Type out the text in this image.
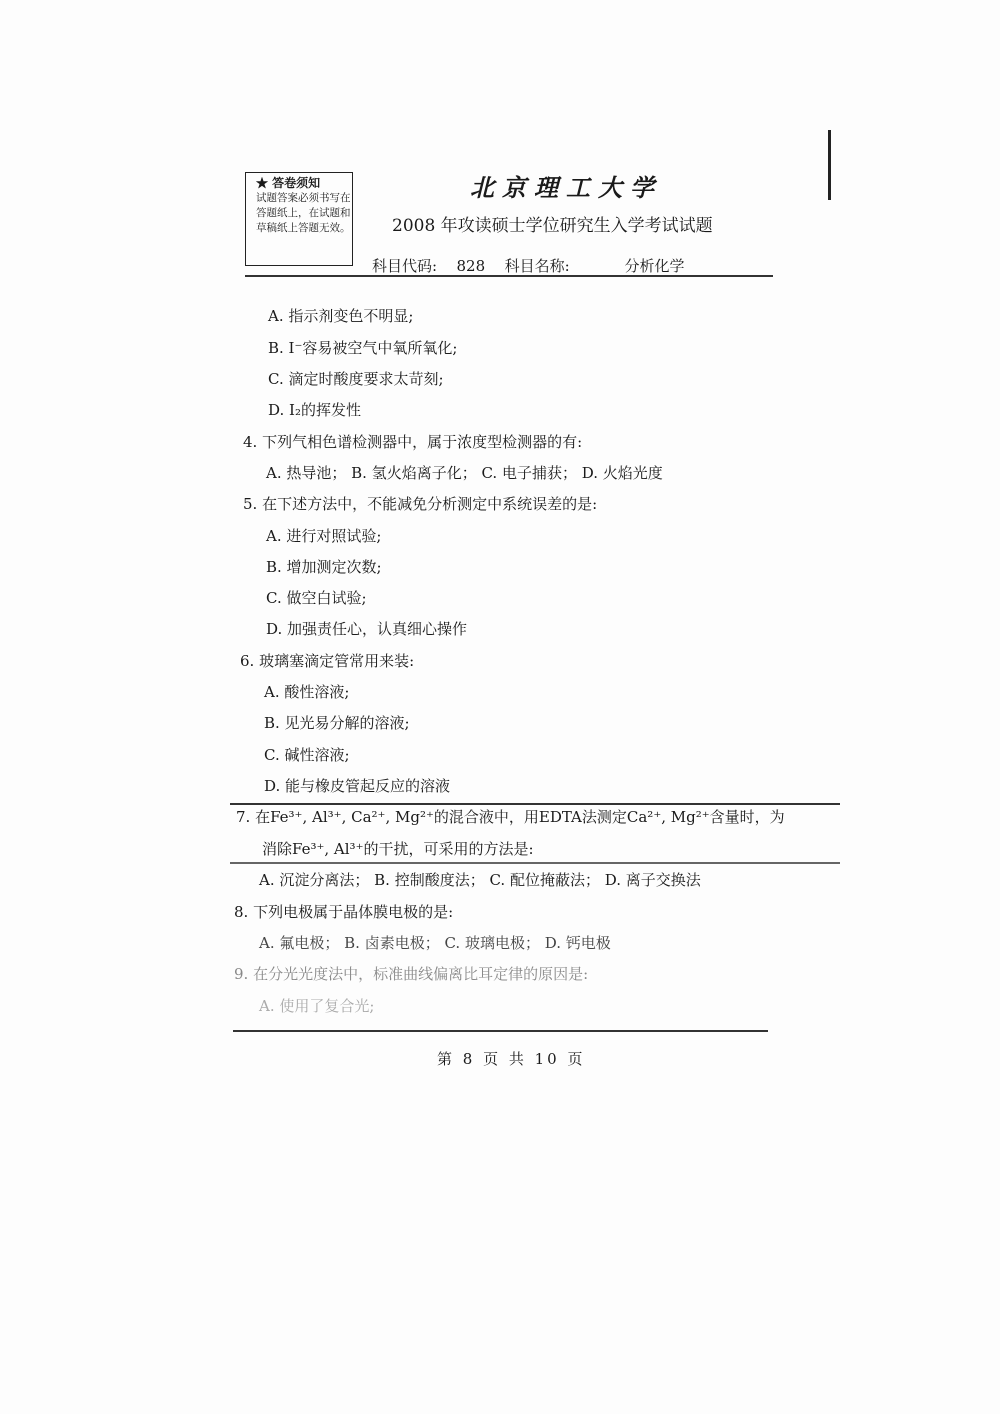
★ 答卷须知
试题答案必须书写在答题纸上，在试题和草稿纸上答题无效。
北京理工大学
2008 年攻读硕士学位研究生入学考试试题
科目代码: 828 科目名称:	分析化学
A. 指示剂变色不明显;
B. I⁻容易被空气中氧所氧化;
C. 滴定时酸度要求太苛刻;
D. I₂的挥发性
4. 下列气相色谱检测器中，属于浓度型检测器的有:
A. 热导池； B. 氢火焰离子化； C. 电子捕获； D. 火焰光度
5. 在下述方法中，不能减免分析测定中系统误差的是:
A. 进行对照试验;
B. 增加测定次数;
C. 做空白试验;
D. 加强责任心，认真细心操作
6. 玻璃塞滴定管常用来装:
A. 酸性溶液;
B. 见光易分解的溶液;
C. 碱性溶液;
D. 能与橡皮管起反应的溶液
7. 在Fe³⁺, Al³⁺, Ca²⁺, Mg²⁺的混合液中，用EDTA法测定Ca²⁺, Mg²⁺含量时，为
消除Fe³⁺, Al³⁺的干扰，可采用的方法是:
A. 沉淀分离法； B. 控制酸度法； C. 配位掩蔽法； D. 离子交换法
8. 下列电极属于晶体膜电极的是:
A. 氟电极； B. 卤素电极； C. 玻璃电极； D. 钙电极
9. 在分光光度法中，标准曲线偏离比耳定律的原因是:
A. 使用了复合光;
第 8 页 共 10 页
